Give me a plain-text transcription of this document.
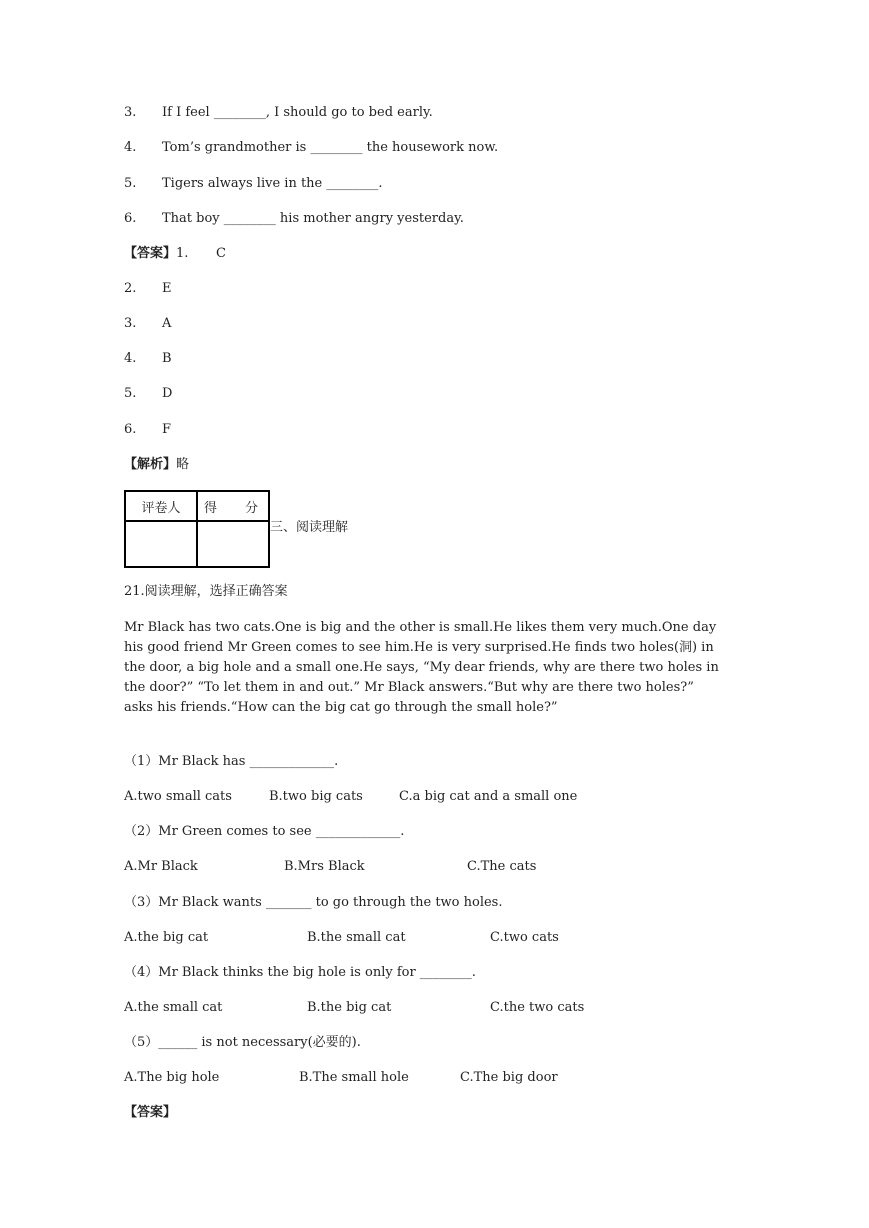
3. If I feel ________, I should go to bed early.
4. Tom’s grandmother is ________ the housework now.
5. Tigers always live in the ________.
6. That boy ________ his mother angry yesterday.
【答案】1. C
2. E
3. A
4. B
5. D
6. F
【解析】略
评卷人	得 分

三、阅读理解
21.阅读理解，选择正确答案
Mr Black has two cats.One is big and the other is small.He likes them very much.One day his good friend Mr Green comes to see him.He is very surprised.He finds two holes(洞) in the door, a big hole and a small one.He says, “My dear friends, why are there two holes in the door?” “To let them in and out.” Mr Black answers.“But why are there two holes?” asks his friends.“How can the big cat go through the small hole?”
（1）Mr Black has _____________.
A.two small cats	B.two big cats	C.a big cat and a small one
（2）Mr Green comes to see _____________.
A.Mr Black	B.Mrs Black	C.The cats
（3）Mr Black wants _______ to go through the two holes.
A.the big cat	B.the small cat	C.two cats
（4）Mr Black thinks the big hole is only for ________.
A.the small cat	B.the big cat	C.the two cats
（5）______ is not necessary(必要的).
A.The big hole	B.The small hole	C.The big door
【答案】
